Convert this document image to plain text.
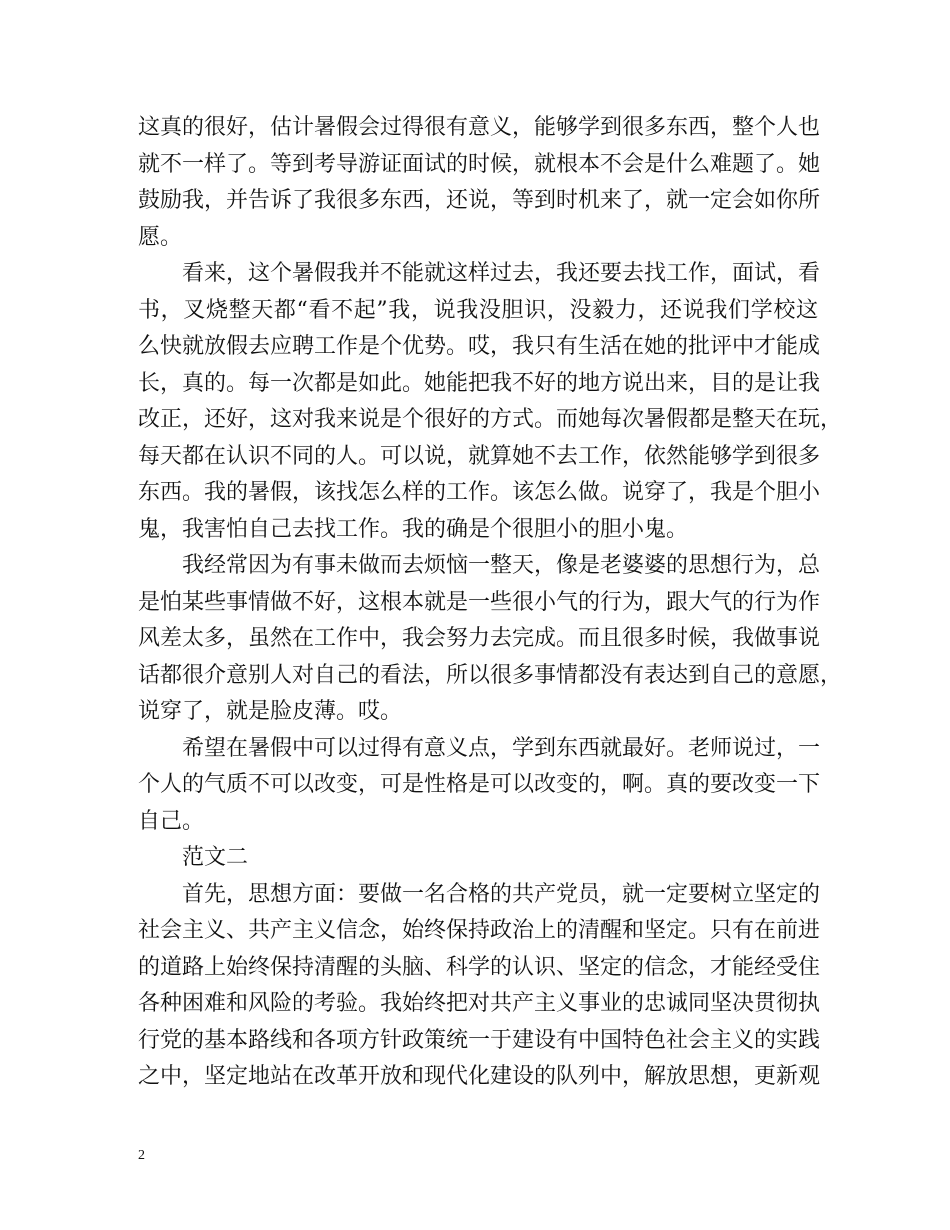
这真的很好，估计暑假会过得很有意义，能够学到很多东西，整个人也
就不一样了。等到考导游证面试的时候，就根本不会是什么难题了。她
鼓励我，并告诉了我很多东西，还说，等到时机来了，就一定会如你所
愿。
看来，这个暑假我并不能就这样过去，我还要去找工作，面试，看
书，叉烧整天都“看不起”我，说我没胆识，没毅力，还说我们学校这
么快就放假去应聘工作是个优势。哎，我只有生活在她的批评中才能成
长，真的。每一次都是如此。她能把我不好的地方说出来，目的是让我
改正，还好，这对我来说是个很好的方式。而她每次暑假都是整天在玩，
每天都在认识不同的人。可以说，就算她不去工作，依然能够学到很多
东西。我的暑假，该找怎么样的工作。该怎么做。说穿了，我是个胆小
鬼，我害怕自己去找工作。我的确是个很胆小的胆小鬼。
我经常因为有事未做而去烦恼一整天，像是老婆婆的思想行为，总
是怕某些事情做不好，这根本就是一些很小气的行为，跟大气的行为作
风差太多，虽然在工作中，我会努力去完成。而且很多时候，我做事说
话都很介意别人对自己的看法，所以很多事情都没有表达到自己的意愿，
说穿了，就是脸皮薄。哎。
希望在暑假中可以过得有意义点，学到东西就最好。老师说过，一
个人的气质不可以改变，可是性格是可以改变的，啊。真的要改变一下
自己。
范文二
首先，思想方面：要做一名合格的共产党员，就一定要树立坚定的
社会主义、共产主义信念，始终保持政治上的清醒和坚定。只有在前进
的道路上始终保持清醒的头脑、科学的认识、坚定的信念，才能经受住
各种困难和风险的考验。我始终把对共产主义事业的忠诚同坚决贯彻执
行党的基本路线和各项方针政策统一于建设有中国特色社会主义的实践
之中，坚定地站在改革开放和现代化建设的队列中，解放思想，更新观
2
